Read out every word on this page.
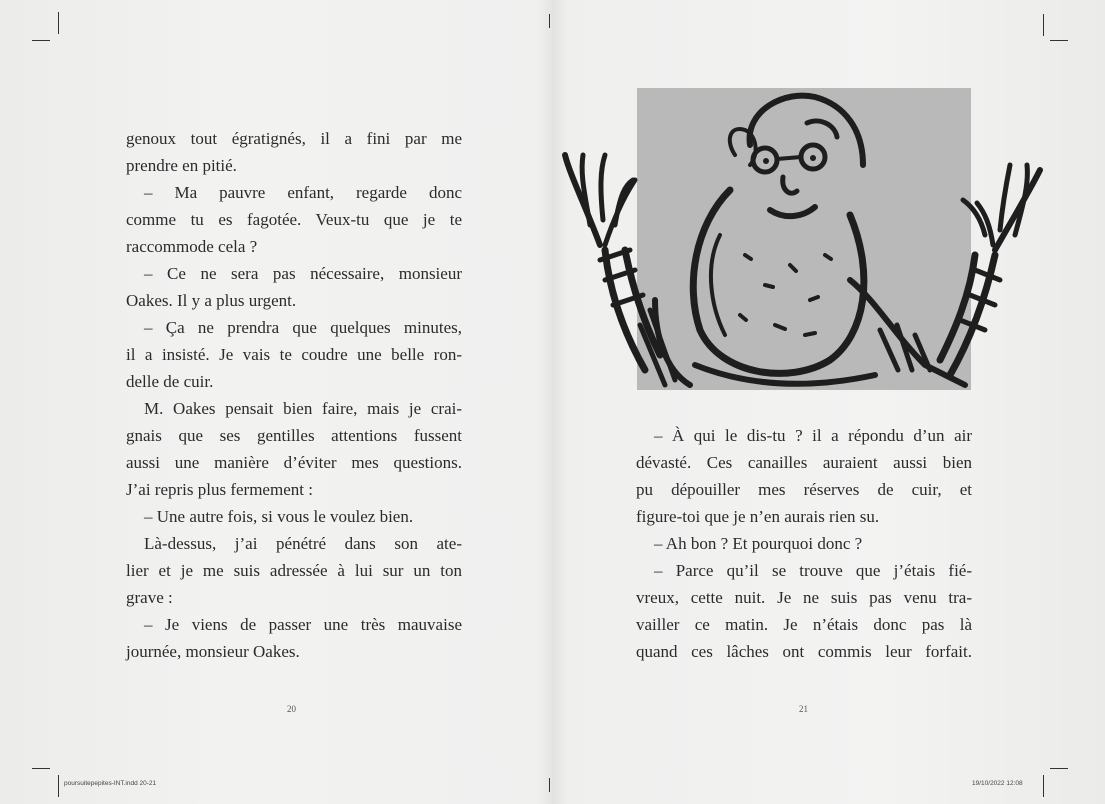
genoux tout égratignés, il a fini par me
prendre en pitié.
– Ma pauvre enfant, regarde donc
comme tu es fagotée. Veux-tu que je te
raccommode cela ?
– Ce ne sera pas nécessaire, monsieur
Oakes. Il y a plus urgent.
– Ça ne prendra que quelques minutes,
il a insisté. Je vais te coudre une belle ron-
delle de cuir.
M. Oakes pensait bien faire, mais je crai-
gnais que ses gentilles attentions fussent
aussi une manière d’éviter mes questions.
J’ai repris plus fermement :
– Une autre fois, si vous le voulez bien.
Là-dessus, j’ai pénétré dans son ate-
lier et je me suis adressée à lui sur un ton
grave :
– Je viens de passer une très mauvaise
journée, monsieur Oakes.
– À qui le dis-tu ? il a répondu d’un air
dévasté. Ces canailles auraient aussi bien
pu dépouiller mes réserves de cuir, et
figure-toi que je n’en aurais rien su.
– Ah bon ? Et pourquoi donc ?
– Parce qu’il se trouve que j’étais fié-
vreux, cette nuit. Je ne suis pas venu tra-
vailler ce matin. Je n’étais donc pas là
quand ces lâches ont commis leur forfait.
20	21
poursuitepepites-INT.indd 20-21	19/10/2022 12:08
